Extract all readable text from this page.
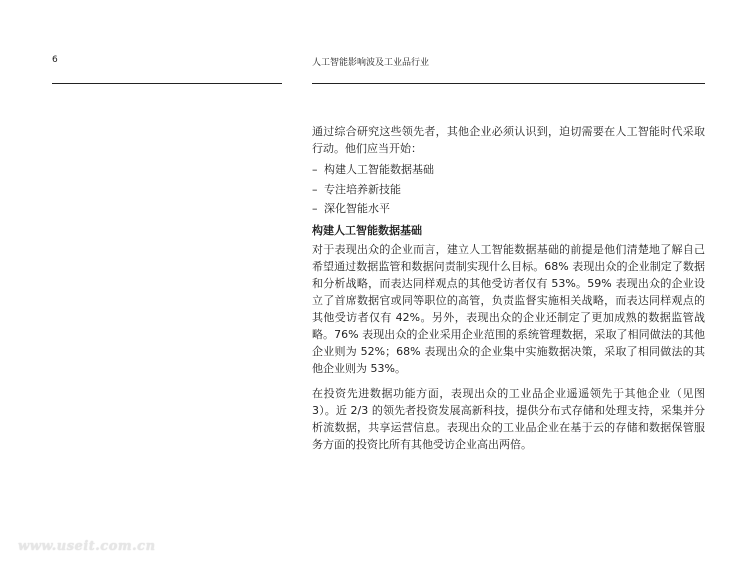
6	人工智能影响波及工业品行业

通过综合研究这些领先者，其他企业必须认识到，迫切需要在人工智能时代采取行动。他们应当开始：

– 构建人工智能数据基础
– 专注培养新技能
– 深化智能水平
构建人工智能数据基础

对于表现出众的企业而言，建立人工智能数据基础的前提是他们清楚地了解自己希望通过数据监管和数据问责制实现什么目标。68% 表现出众的企业制定了数据和分析战略，而表达同样观点的其他受访者仅有 53%。59% 表现出众的企业设立了首席数据官或同等职位的高管，负责监督实施相关战略，而表达同样观点的其他受访者仅有 42%。另外，表现出众的企业还制定了更加成熟的数据监管战略。76% 表现出众的企业采用企业范围的系统管理数据，采取了相同做法的其他企业则为 52%；68% 表现出众的企业集中实施数据决策，采取了相同做法的其他企业则为 53%。

在投资先进数据功能方面，表现出众的工业品企业遥遥领先于其他企业（见图 3）。近 2/3 的领先者投资发展高新科技，提供分布式存储和处理支持，采集并分析流数据，共享运营信息。表现出众的工业品企业在基于云的存储和数据保管服务方面的投资比所有其他受访企业高出两倍。

www.useit.com.cn
